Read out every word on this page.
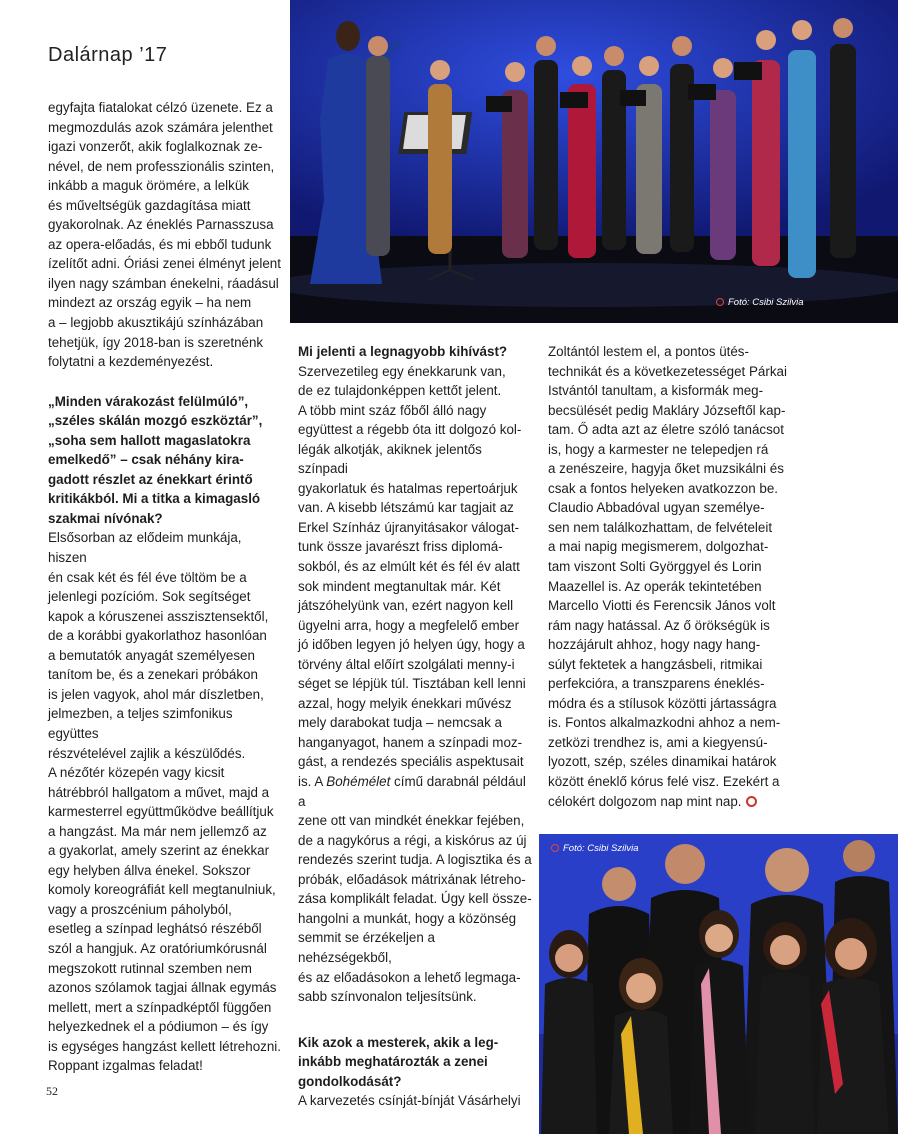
Dalárnap ’17
Fotó: Csibi Szilvia

egyfajta fiatalokat célzó üzenete. Ez a

megmozdulás azok számára jelenthet

igazi vonzerőt, akik foglalkoznak ze-

nével, de nem professzionális szinten,

inkább a maguk örömére, a lelkük

és műveltségük gazdagítása miatt

gyakorolnak. Az éneklés Parnasszusa

az opera-előadás, és mi ebből tudunk

ízelítőt adni. Óriási zenei élményt jelent

ilyen nagy számban énekelni, ráadásul

mindezt az ország egyik – ha nem

a – legjobb akusztikájú színházában

tehetjük, így 2018-ban is szeretnénk

folytatni a kezdeményezést.

„Minden várakozást felülmúló”,

„széles skálán mozgó eszköztár”,

„soha sem hallott magaslatokra

emelkedő” – csak néhány kira-

gadott részlet az énekkart érintő

kritikákból. Mi a titka a kimagasló

szakmai nívónak?

Elsősorban az elődeim munkája, hiszen

én csak két és fél éve töltöm be a

jelenlegi pozícióm. Sok segítséget

kapok a kóruszenei asszisztensektől,

de a korábbi gyakorlathoz hasonlóan

a bemutatók anyagát személyesen

tanítom be, és a zenekari próbákon

is jelen vagyok, ahol már díszletben,

jelmezben, a teljes szimfonikus együttes

részvételével zajlik a készülődés.

A nézőtér közepén vagy kicsit

hátrébbról hallgatom a művet, majd a

karmesterrel együttműködve beállítjuk

a hangzást. Ma már nem jellemző az

a gyakorlat, amely szerint az énekkar

egy helyben állva énekel. Sokszor

komoly koreográfiát kell megtanulniuk,

vagy a proszcénium páholyból,

esetleg a színpad leghátsó részéből

szól a hangjuk. Az oratóriumkórusnál

megszokott rutinnal szemben nem

azonos szólamok tagjai állnak egymás

mellett, mert a színpadképtől függően

helyezkednek el a pódiumon – és így

is egységes hangzást kellett létrehozni.

Roppant izgalmas feladat!

Mi jelenti a legnagyobb kihívást?

Szervezetileg egy énekkarunk van,

de ez tulajdonképpen kettőt jelent.

A több mint száz főből álló nagy

együttest a régebb óta itt dolgozó kol-

légák alkotják, akiknek jelentős színpadi

gyakorlatuk és hatalmas repertoárjuk

van. A kisebb létszámú kar tagjait az

Erkel Színház újranyitásakor válogat-

tunk össze javarészt friss diplomá-

sokból, és az elmúlt két és fél év alatt

sok mindent megtanultak már. Két

játszóhelyünk van, ezért nagyon kell

ügyelni arra, hogy a megfelelő ember

jó időben legyen jó helyen úgy, hogy a

törvény által előírt szolgálati menny-i

séget se lépjük túl. Tisztában kell lenni

azzal, hogy melyik énekkari művész

mely darabokat tudja – nemcsak a

hanganyagot, hanem a színpadi moz-

gást, a rendezés speciális aspektusait

is. A Bohémélet című darabnál például a

zene ott van mindkét énekkar fejében,

de a nagykórus a régi, a kiskórus az új

rendezés szerint tudja. A logisztika és a

próbák, előadások mátrixának létreho-

zása komplikált feladat. Úgy kell össze-

hangolni a munkát, hogy a közönség

semmit se érzékeljen a nehézségekből,

és az előadásokon a lehető legmaga-

sabb színvonalon teljesítsünk.

Kik azok a mesterek, akik a leg-

inkább meghatározták a zenei

gondolkodását?

A karvezetés csínját-bínját Vásárhelyi

Zoltántól lestem el, a pontos ütés-

technikát és a következetességet Párkai

Istvántól tanultam, a kisformák meg-

becsülését pedig Makláry Józseftől kap-

tam. Ő adta azt az életre szóló tanácsot

is, hogy a karmester ne telepedjen rá

a zenészeire, hagyja őket muzsikálni és

csak a fontos helyeken avatkozzon be.

Claudio Abbadóval ugyan személye-

sen nem találkozhattam, de felvételeit

a mai napig megismerem, dolgozhat-

tam viszont Solti Györggyel és Lorin

Maazellel is. Az operák tekintetében

Marcello Viotti és Ferencsik János volt

rám nagy hatással. Az ő örökségük is

hozzájárult ahhoz, hogy nagy hang-

súlyt fektetek a hangzásbeli, ritmikai

perfekcióra, a transzparens éneklés-

módra és a stílusok közötti jártasságra

is. Fontos alkalmazkodni ahhoz a nem-

zetközi trendhez is, ami a kiegyensú-

lyozott, szép, széles dinamikai határok

között éneklő kórus felé visz. Ezekért a

célokért dolgozom nap mint nap.

Fotó: Csibi Szilvia
52
